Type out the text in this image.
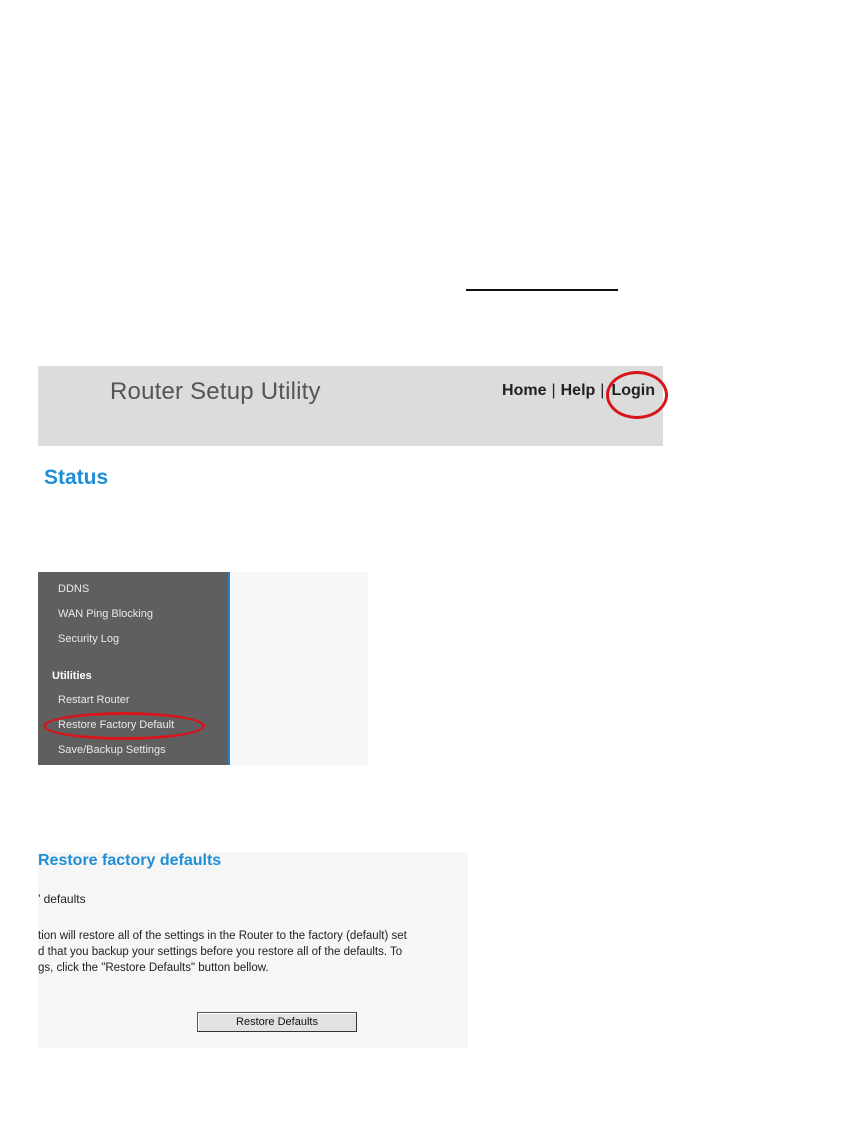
Router Setup Utility	Home | Help | Login
Status
DDNS
WAN Ping Blocking
Security Log
Utilities
Restart Router
Restore Factory Default
Save/Backup Settings
’ defaults
tion will restore all of the settings in the Router to the factory (default) set
d that you backup your settings before you restore all of the defaults. To
gs, click the "Restore Defaults" button bellow.
Restore Defaults
Restore factory defaults
